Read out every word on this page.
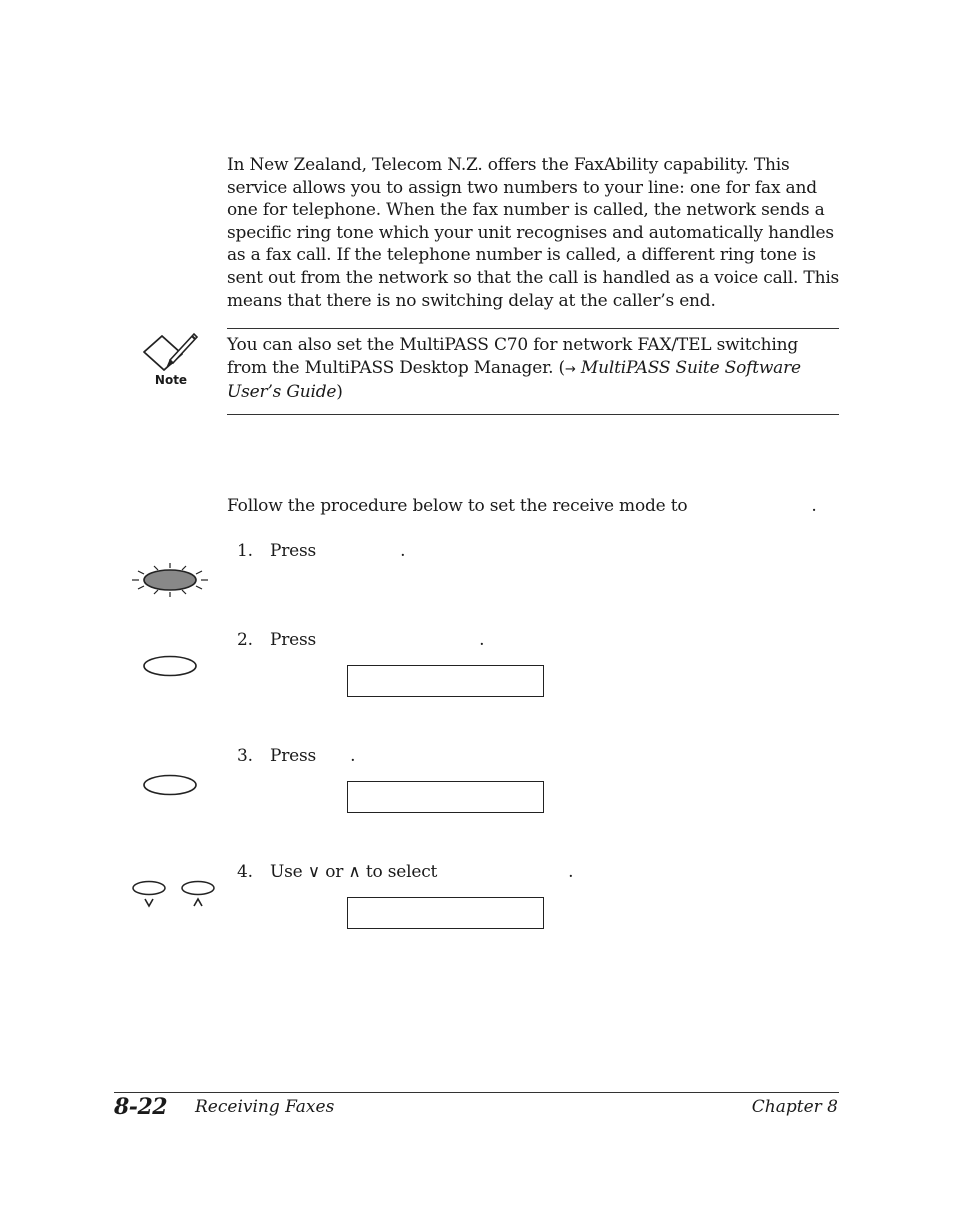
In New Zealand, Telecom N.Z. offers the FaxAbility capability. This
service allows you to assign two numbers to your line: one for fax and
one for telephone. When the fax number is called, the network sends a
specific ring tone which your unit recognises and automatically handles
as a fax call. If the telephone number is called, a different ring tone is
sent out from the network so that the call is handled as a voice call. This
means that there is no switching delay at the caller’s end.
Note
You can also set the MultiPASS C70 for network FAX/TEL switching
from the MultiPASS Desktop Manager. (→ MultiPASS Suite Software
User’s Guide)
Follow the procedure below to set the receive mode to	.
1. Press	.
2. Press	.
3. Press .
4. Use ∨ or ∧ to select	.
8-22 Receiving Faxes	Chapter 8
